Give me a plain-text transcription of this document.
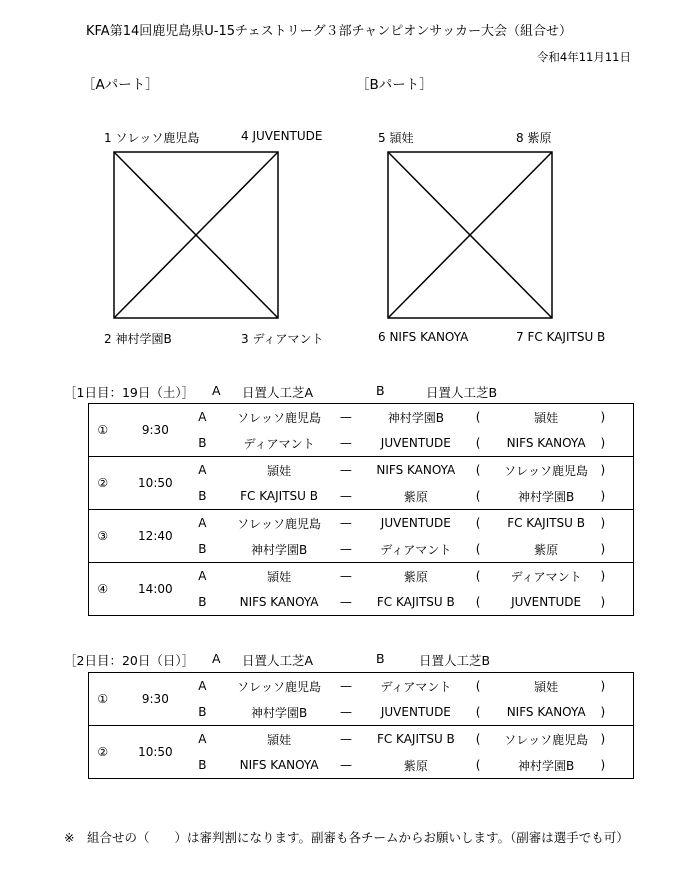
KFA第14回鹿児島県U-15チェストリーグ３部チャンピオンサッカー大会（組合せ）
令和4年11月11日
［Aパート］
1 ソレッソ鹿児島	4 JUVENTUDE
2 神村学園B	3 ディアマント
［Bパート］
5 頴娃	8 紫原
6 NIFS KANOYA	7 FC KAJITSU B
［1日目：19日（土）］ A 日置人工芝A	B	日置人工芝B
①	9:30	A	ソレッソ鹿児島	—	神村学園B	(	頴娃	)
		B	ディアマント	—	JUVENTUDE	(	NIFS KANOYA	)
②	10:50	A	頴娃	—	NIFS KANOYA	(	ソレッソ鹿児島	)
		B	FC KAJITSU B	—	紫原	(	神村学園B	)
③	12:40	A	ソレッソ鹿児島	—	JUVENTUDE	(	FC KAJITSU B	)
		B	神村学園B	—	ディアマント	(	紫原	)
④	14:00	A	頴娃	—	紫原	(	ディアマント	)
		B	NIFS KANOYA	—	FC KAJITSU B	(	JUVENTUDE	)
［2日目：20日（日）］ A 日置人工芝A	B	日置人工芝B
①	9:30	A	ソレッソ鹿児島	—	ディアマント	(	頴娃	)
		B	神村学園B	—	JUVENTUDE	(	NIFS KANOYA	)
②	10:50	A	頴娃	—	FC KAJITSU B	(	ソレッソ鹿児島	)
		B	NIFS KANOYA	—	紫原	(	神村学園B	)
※　組合せの（　　）は審判割になります。副審も各チームからお願いします。（副審は選手でも可）
